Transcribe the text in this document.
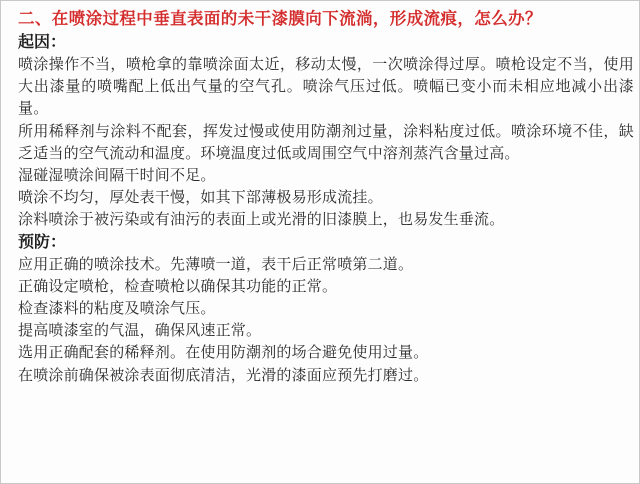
二、在喷涂过程中垂直表面的未干漆膜向下流淌，形成流痕，怎么办？

起因：

喷涂操作不当，喷枪拿的靠喷涂面太近，移动太慢，一次喷涂得过厚。喷枪设定不当，使用大出漆量的喷嘴配上低出气量的空气孔。喷涂气压过低。喷幅已变小而未相应地减小出漆量。

所用稀释剂与涂料不配套，挥发过慢或使用防潮剂过量，涂料粘度过低。喷涂环境不佳，缺乏适当的空气流动和温度。环境温度过低或周围空气中溶剂蒸汽含量过高。

湿碰湿喷涂间隔干时间不足。

喷涂不均匀，厚处表干慢，如其下部薄极易形成流挂。

涂料喷涂于被污染或有油污的表面上或光滑的旧漆膜上，也易发生垂流。

预防：

应用正确的喷涂技术。先薄喷一道，表干后正常喷第二道。

正确设定喷枪，检查喷枪以确保其功能的正常。

检查漆料的粘度及喷涂气压。

提高喷漆室的气温，确保风速正常。

选用正确配套的稀释剂。在使用防潮剂的场合避免使用过量。

在喷涂前确保被涂表面彻底清洁，光滑的漆面应预先打磨过。
